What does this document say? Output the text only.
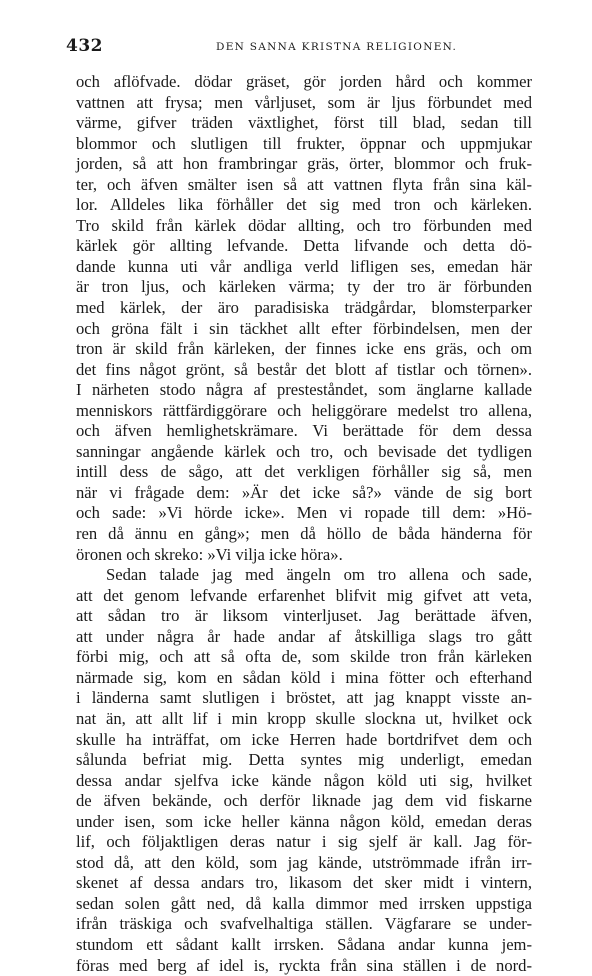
432	DEN SANNA KRISTNA RELIGIONEN.
och aflöfvade. dödar gräset, gör jorden hård och kommer
vattnen att frysa; men vårljuset, som är ljus förbundet med
värme, gifver träden växtlighet, först till blad, sedan till
blommor och slutligen till frukter, öppnar och uppmjukar
jorden, så att hon frambringar gräs, örter, blommor och fruk-
ter, och äfven smälter isen så att vattnen flyta från sina käl-
lor. Alldeles lika förhåller det sig med tron och kärleken.
Tro skild från kärlek dödar allting, och tro förbunden med
kärlek gör allting lefvande. Detta lifvande och detta dö-
dande kunna uti vår andliga verld lifligen ses, emedan här
är tron ljus, och kärleken värma; ty der tro är förbunden
med kärlek, der äro paradisiska trädgårdar, blomsterparker
och gröna fält i sin täckhet allt efter förbindelsen, men der
tron är skild från kärleken, der finnes icke ens gräs, och om
det fins något grönt, så består det blott af tistlar och törnen».
I närheten stodo några af presteståndet, som änglarne kallade
menniskors rättfärdiggörare och heliggörare medelst tro allena,
och äfven hemlighetskrämare. Vi berättade för dem dessa
sanningar angående kärlek och tro, och bevisade det tydligen
intill dess de sågo, att det verkligen förhåller sig så, men
när vi frågade dem: »Är det icke så?» vände de sig bort
och sade: »Vi hörde icke». Men vi ropade till dem: »Hö-
ren då ännu en gång»; men då höllo de båda händerna för
öronen och skreko: »Vi vilja icke höra».
Sedan talade jag med ängeln om tro allena och sade,
att det genom lefvande erfarenhet blifvit mig gifvet att veta,
att sådan tro är liksom vinterljuset. Jag berättade äfven,
att under några år hade andar af åtskilliga slags tro gått
förbi mig, och att så ofta de, som skilde tron från kärleken
närmade sig, kom en sådan köld i mina fötter och efterhand
i länderna samt slutligen i bröstet, att jag knappt visste an-
nat än, att allt lif i min kropp skulle slockna ut, hvilket ock
skulle ha inträffat, om icke Herren hade bortdrifvet dem och
sålunda befriat mig. Detta syntes mig underligt, emedan
dessa andar sjelfva icke kände någon köld uti sig, hvilket
de äfven bekände, och derför liknade jag dem vid fiskarne
under isen, som icke heller känna någon köld, emedan deras
lif, och följaktligen deras natur i sig sjelf är kall. Jag för-
stod då, att den köld, som jag kände, utströmmade ifrån irr-
skenet af dessa andars tro, likasom det sker midt i vintern,
sedan solen gått ned, då kalla dimmor med irrsken uppstiga
ifrån träskiga och svafvelhaltiga ställen. Vägfarare se under-
stundom ett sådant kallt irrsken. Sådana andar kunna jem-
föras med berg af idel is, ryckta från sina ställen i de nord-
